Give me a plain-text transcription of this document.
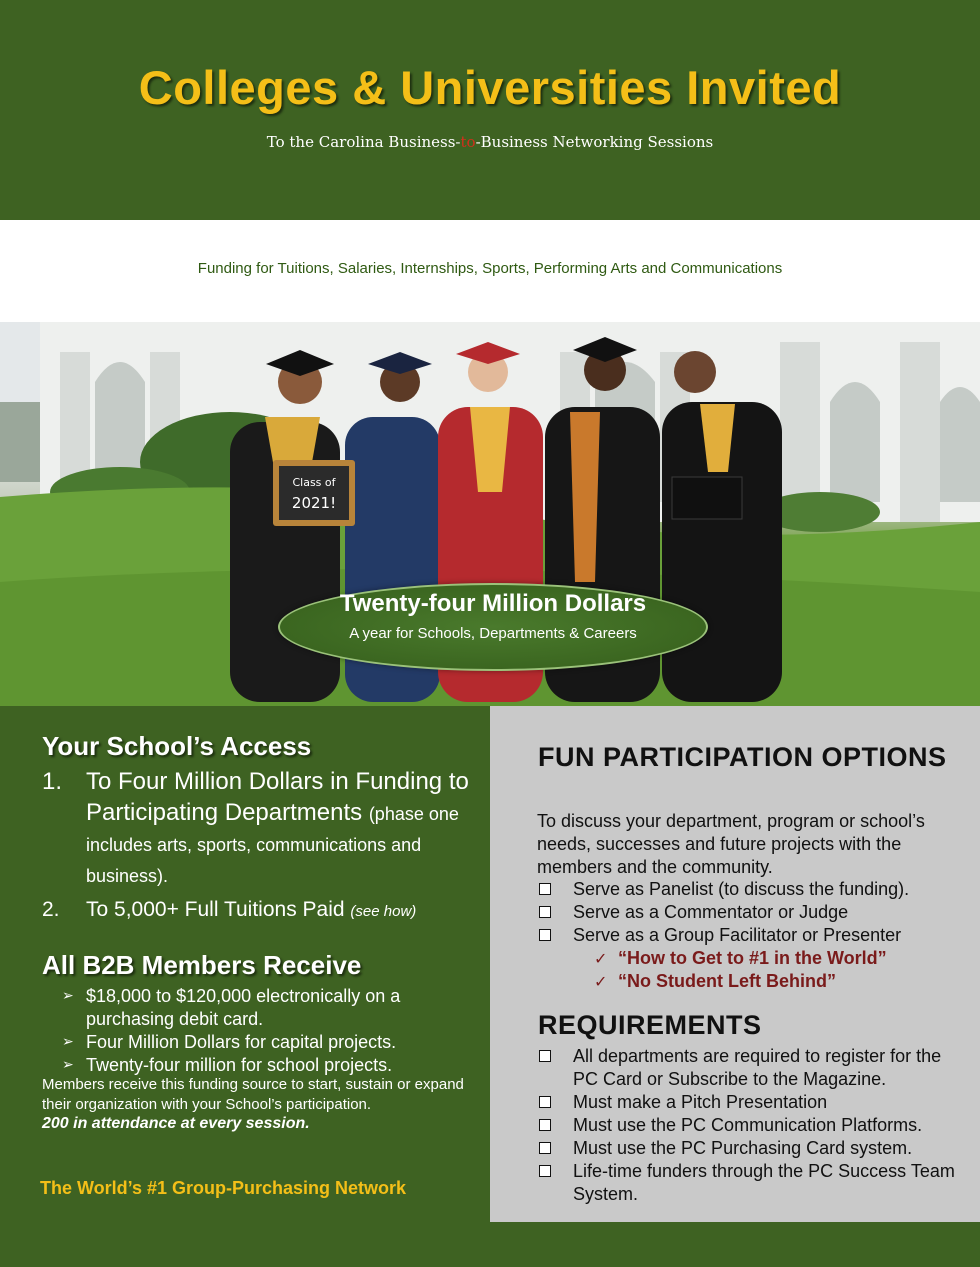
Colleges & Universities Invited
To the Carolina Business-to-Business Networking Sessions
Funding for Tuitions, Salaries, Internships, Sports, Performing Arts and Communications
Class of
2021!
Twenty-four Million Dollars
A year for Schools, Departments & Careers
Your School’s Access
1. To Four Million Dollars in Funding to Participating Departments (phase one includes arts, sports, communications and business).
2. To 5,000+ Full Tuitions Paid (see how)
All B2B Members Receive
➢ $18,000 to $120,000 electronically on a purchasing debit card.
➢ Four Million Dollars for capital projects.
➢ Twenty-four million for school projects.
Members receive this funding source to start, sustain or expand their organization with your School’s participation.
200 in attendance at every session.
The World’s #1 Group-Purchasing Network
FUN PARTICIPATION OPTIONS
To discuss your department, program or school’s needs, successes and future projects with the members and the community.
Serve as Panelist (to discuss the funding).
Serve as a Commentator or Judge
Serve as a Group Facilitator or Presenter
✓ “How to Get to #1 in the World”
✓ “No Student Left Behind”
REQUIREMENTS
All departments are required to register for the PC Card or Subscribe to the Magazine.
Must make a Pitch Presentation
Must use the PC Communication Platforms.
Must use the PC Purchasing Card system.
Life-time funders through the PC Success Team System.
